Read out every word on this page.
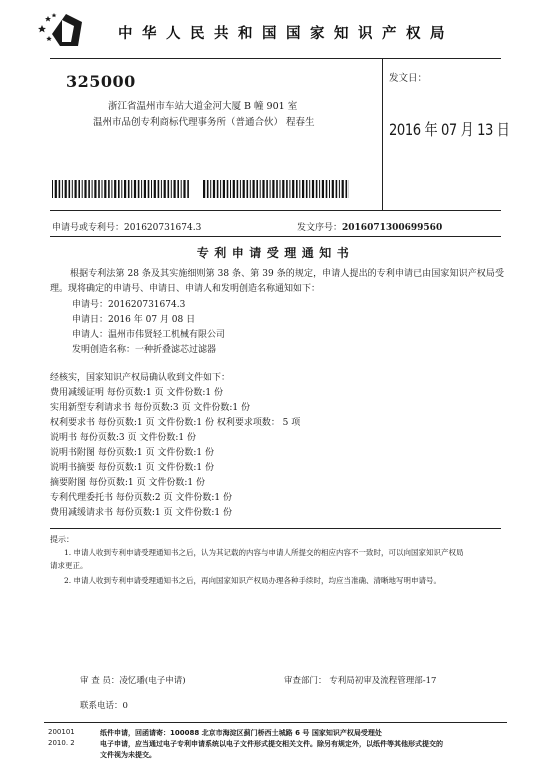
中华人民共和国国家知识产权局
325000
浙江省温州市车站大道金河大厦 B 幢 901 室
温州市品创专利商标代理事务所（普通合伙） 程春生
发文日：
2016 年 07 月 13 日
申请号或专利号：201620731674.3	发文序号：2016071300699560
专利申请受理通知书
根据专利法第 28 条及其实施细则第 38 条、第 39 条的规定，申请人提出的专利申请已由国家知识产权局受理。现将确定的申请号、申请日、申请人和发明创造名称通知如下：
申请号：201620731674.3
申请日：2016 年 07 月 08 日
申请人：温州市伟贤轻工机械有限公司
发明创造名称：一种折叠滤芯过滤器
经核实，国家知识产权局确认收到文件如下：
费用减缓证明 每份页数:1 页 文件份数:1 份
实用新型专利请求书 每份页数:3 页 文件份数:1 份
权利要求书 每份页数:1 页 文件份数:1 份 权利要求项数： 5 项
说明书 每份页数:3 页 文件份数:1 份
说明书附图 每份页数:1 页 文件份数:1 份
说明书摘要 每份页数:1 页 文件份数:1 份
摘要附图 每份页数:1 页 文件份数:1 份
专利代理委托书 每份页数:2 页 文件份数:1 份
费用减缓请求书 每份页数:1 页 文件份数:1 份
提示：
1. 申请人收到专利申请受理通知书之后，认为其记载的内容与申请人所提交的相应内容不一致时，可以向国家知识产权局
请求更正。
2. 申请人收到专利申请受理通知书之后，再向国家知识产权局办理各种手续时，均应当准确、清晰地写明申请号。
审 查 员：凌忆璠(电子申请)	审查部门： 专利局初审及流程管理部-17
联系电话：0
200101
2010. 2
纸件申请，回函请寄：100088 北京市海淀区蓟门桥西土城路 6 号 国家知识产权局受理处
电子申请，应当通过电子专利申请系统以电子文件形式提交相关文件。除另有规定外，以纸件等其他形式提交的
文件视为未提交。
